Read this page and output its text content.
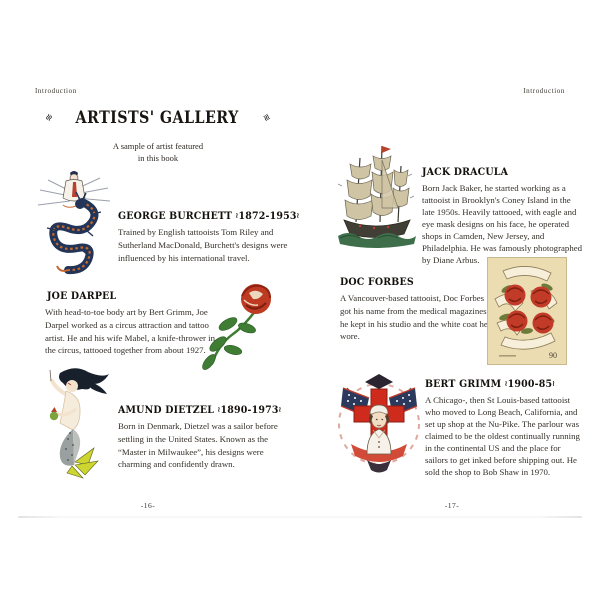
Introduction	Introduction
≋ ARTISTS' GALLERY ≋
A sample of artist featured
in this book
GEORGE BURCHETT ≀1872-1953≀
Trained by English tattooists Tom Riley and Sutherland MacDonald, Burchett's designs were influenced by his international travel.
JOE DARPEL
With head-to-toe body art by Bert Grimm, Joe Darpel worked as a circus attraction and tattoo artist. He and his wife Mabel, a knife-thrower in the circus, tattooed together from about 1927.
AMUND DIETZEL ≀1890-1973≀
Born in Denmark, Dietzel was a sailor before settling in the United States. Known as the “Master in Milwaukee”, his designs were charming and confidently drawn.
JACK DRACULA
Born Jack Baker, he started working as a tattooist in Brooklyn's Coney Island in the late 1950s. Heavily tattooed, with eagle and eye mask designs on his face, he operated shops in Camden, New Jersey, and Philadelphia. He was famously photographed by Diane Arbus.
DOC FORBES
A Vancouver-based tattooist, Doc Forbes got his name from the medical magazines he kept in his studio and the white coat he wore.
90
BERT GRIMM ≀1900-85≀
A Chicago-, then St Louis-based tattooist who moved to Long Beach, California, and set up shop at the Nu-Pike. The parlour was claimed to be the oldest continually running in the continental US and the place for sailors to get inked before shipping out. He sold the shop to Bob Shaw in 1970.
-16-	-17-
